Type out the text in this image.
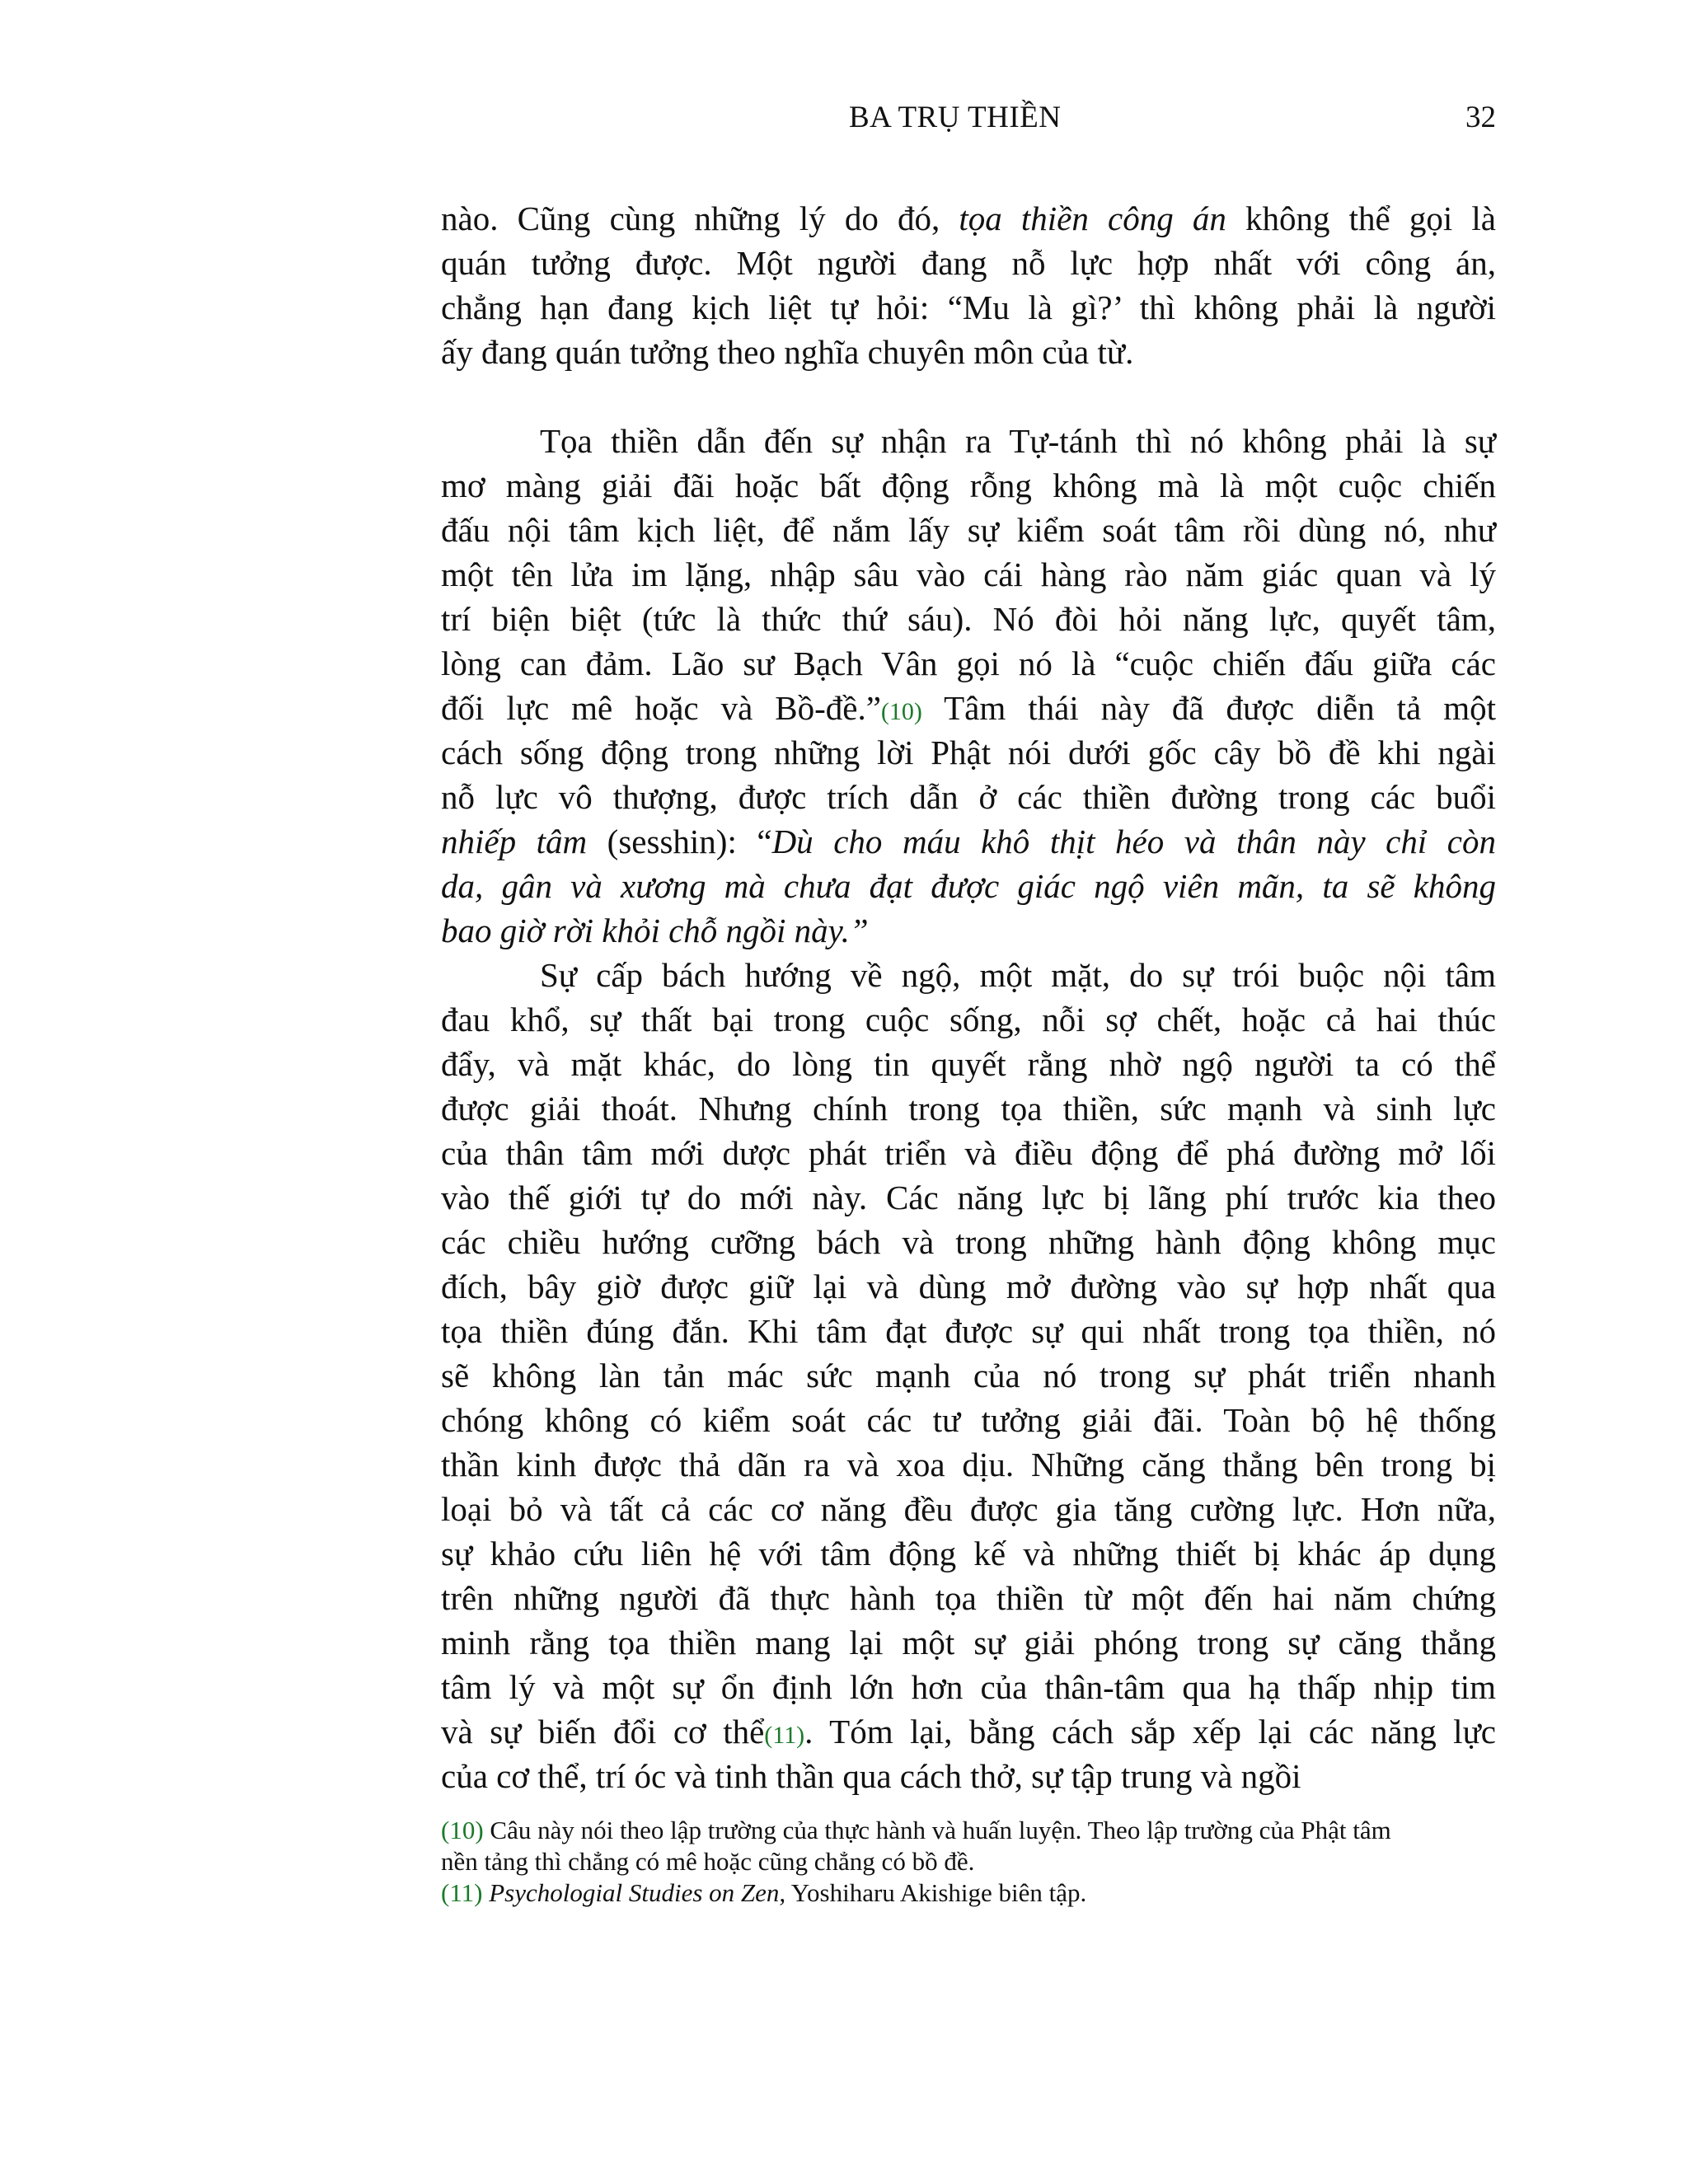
BA TRỤ THIỀN	32
nào. Cũng cùng những lý do đó, tọa thiền công án không thể gọi là
quán tưởng được. Một người đang nỗ lực hợp nhất với công án,
chẳng hạn đang kịch liệt tự hỏi: “Mu là gì?’ thì không phải là người
ấy đang quán tưởng theo nghĩa chuyên môn của từ.
Tọa thiền dẫn đến sự nhận ra Tự-tánh thì nó không phải là sự
mơ màng giải đãi hoặc bất động rỗng không mà là một cuộc chiến
đấu nội tâm kịch liệt, để nắm lấy sự kiểm soát tâm rồi dùng nó, như
một tên lửa im lặng, nhập sâu vào cái hàng rào năm giác quan và lý
trí biện biệt (tức là thức thứ sáu). Nó đòi hỏi năng lực, quyết tâm,
lòng can đảm. Lão sư Bạch Vân gọi nó là “cuộc chiến đấu giữa các
đối lực mê hoặc và Bồ-đề.”(10) Tâm thái này đã được diễn tả một
cách sống động trong những lời Phật nói dưới gốc cây bồ đề khi ngài
nỗ lực vô thượng, được trích dẫn ở các thiền đường trong các buổi
nhiếp tâm (sesshin): “Dù cho máu khô thịt héo và thân này chỉ còn
da, gân và xương mà chưa đạt được giác ngộ viên mãn, ta sẽ không
bao giờ rời khỏi chỗ ngồi này.”
Sự cấp bách hướng về ngộ, một mặt, do sự trói buộc nội tâm
đau khổ, sự thất bại trong cuộc sống, nỗi sợ chết, hoặc cả hai thúc
đẩy, và mặt khác, do lòng tin quyết rằng nhờ ngộ người ta có thể
được giải thoát. Nhưng chính trong tọa thiền, sức mạnh và sinh lực
của thân tâm mới dược phát triển và điều động để phá đường mở lối
vào thế giới tự do mới này. Các năng lực bị lãng phí trước kia theo
các chiều hướng cưỡng bách và trong những hành động không mục
đích, bây giờ được giữ lại và dùng mở đường vào sự hợp nhất qua
tọa thiền đúng đắn. Khi tâm đạt được sự qui nhất trong tọa thiền, nó
sẽ không làn tản mác sức mạnh của nó trong sự phát triển nhanh
chóng không có kiểm soát các tư tưởng giải đãi. Toàn bộ hệ thống
thần kinh được thả dãn ra và xoa dịu. Những căng thẳng bên trong bị
loại bỏ và tất cả các cơ năng đều được gia tăng cường lực. Hơn nữa,
sự khảo cứu liên hệ với tâm động kế và những thiết bị khác áp dụng
trên những người đã thực hành tọa thiền từ một đến hai năm chứng
minh rằng tọa thiền mang lại một sự giải phóng trong sự căng thẳng
tâm lý và một sự ổn định lớn hơn của thân-tâm qua hạ thấp nhịp tim
và sự biến đổi cơ thể(11). Tóm lại, bằng cách sắp xếp lại các năng lực
của cơ thể, trí óc và tinh thần qua cách thở, sự tập trung và ngồi
(10) Câu này nói theo lập trường của thực hành và huấn luyện. Theo lập trường của Phật tâm
nền tảng thì chẳng có mê hoặc cũng chẳng có bồ đề.
(11) Psychologial Studies on Zen, Yoshiharu Akishige biên tập.
